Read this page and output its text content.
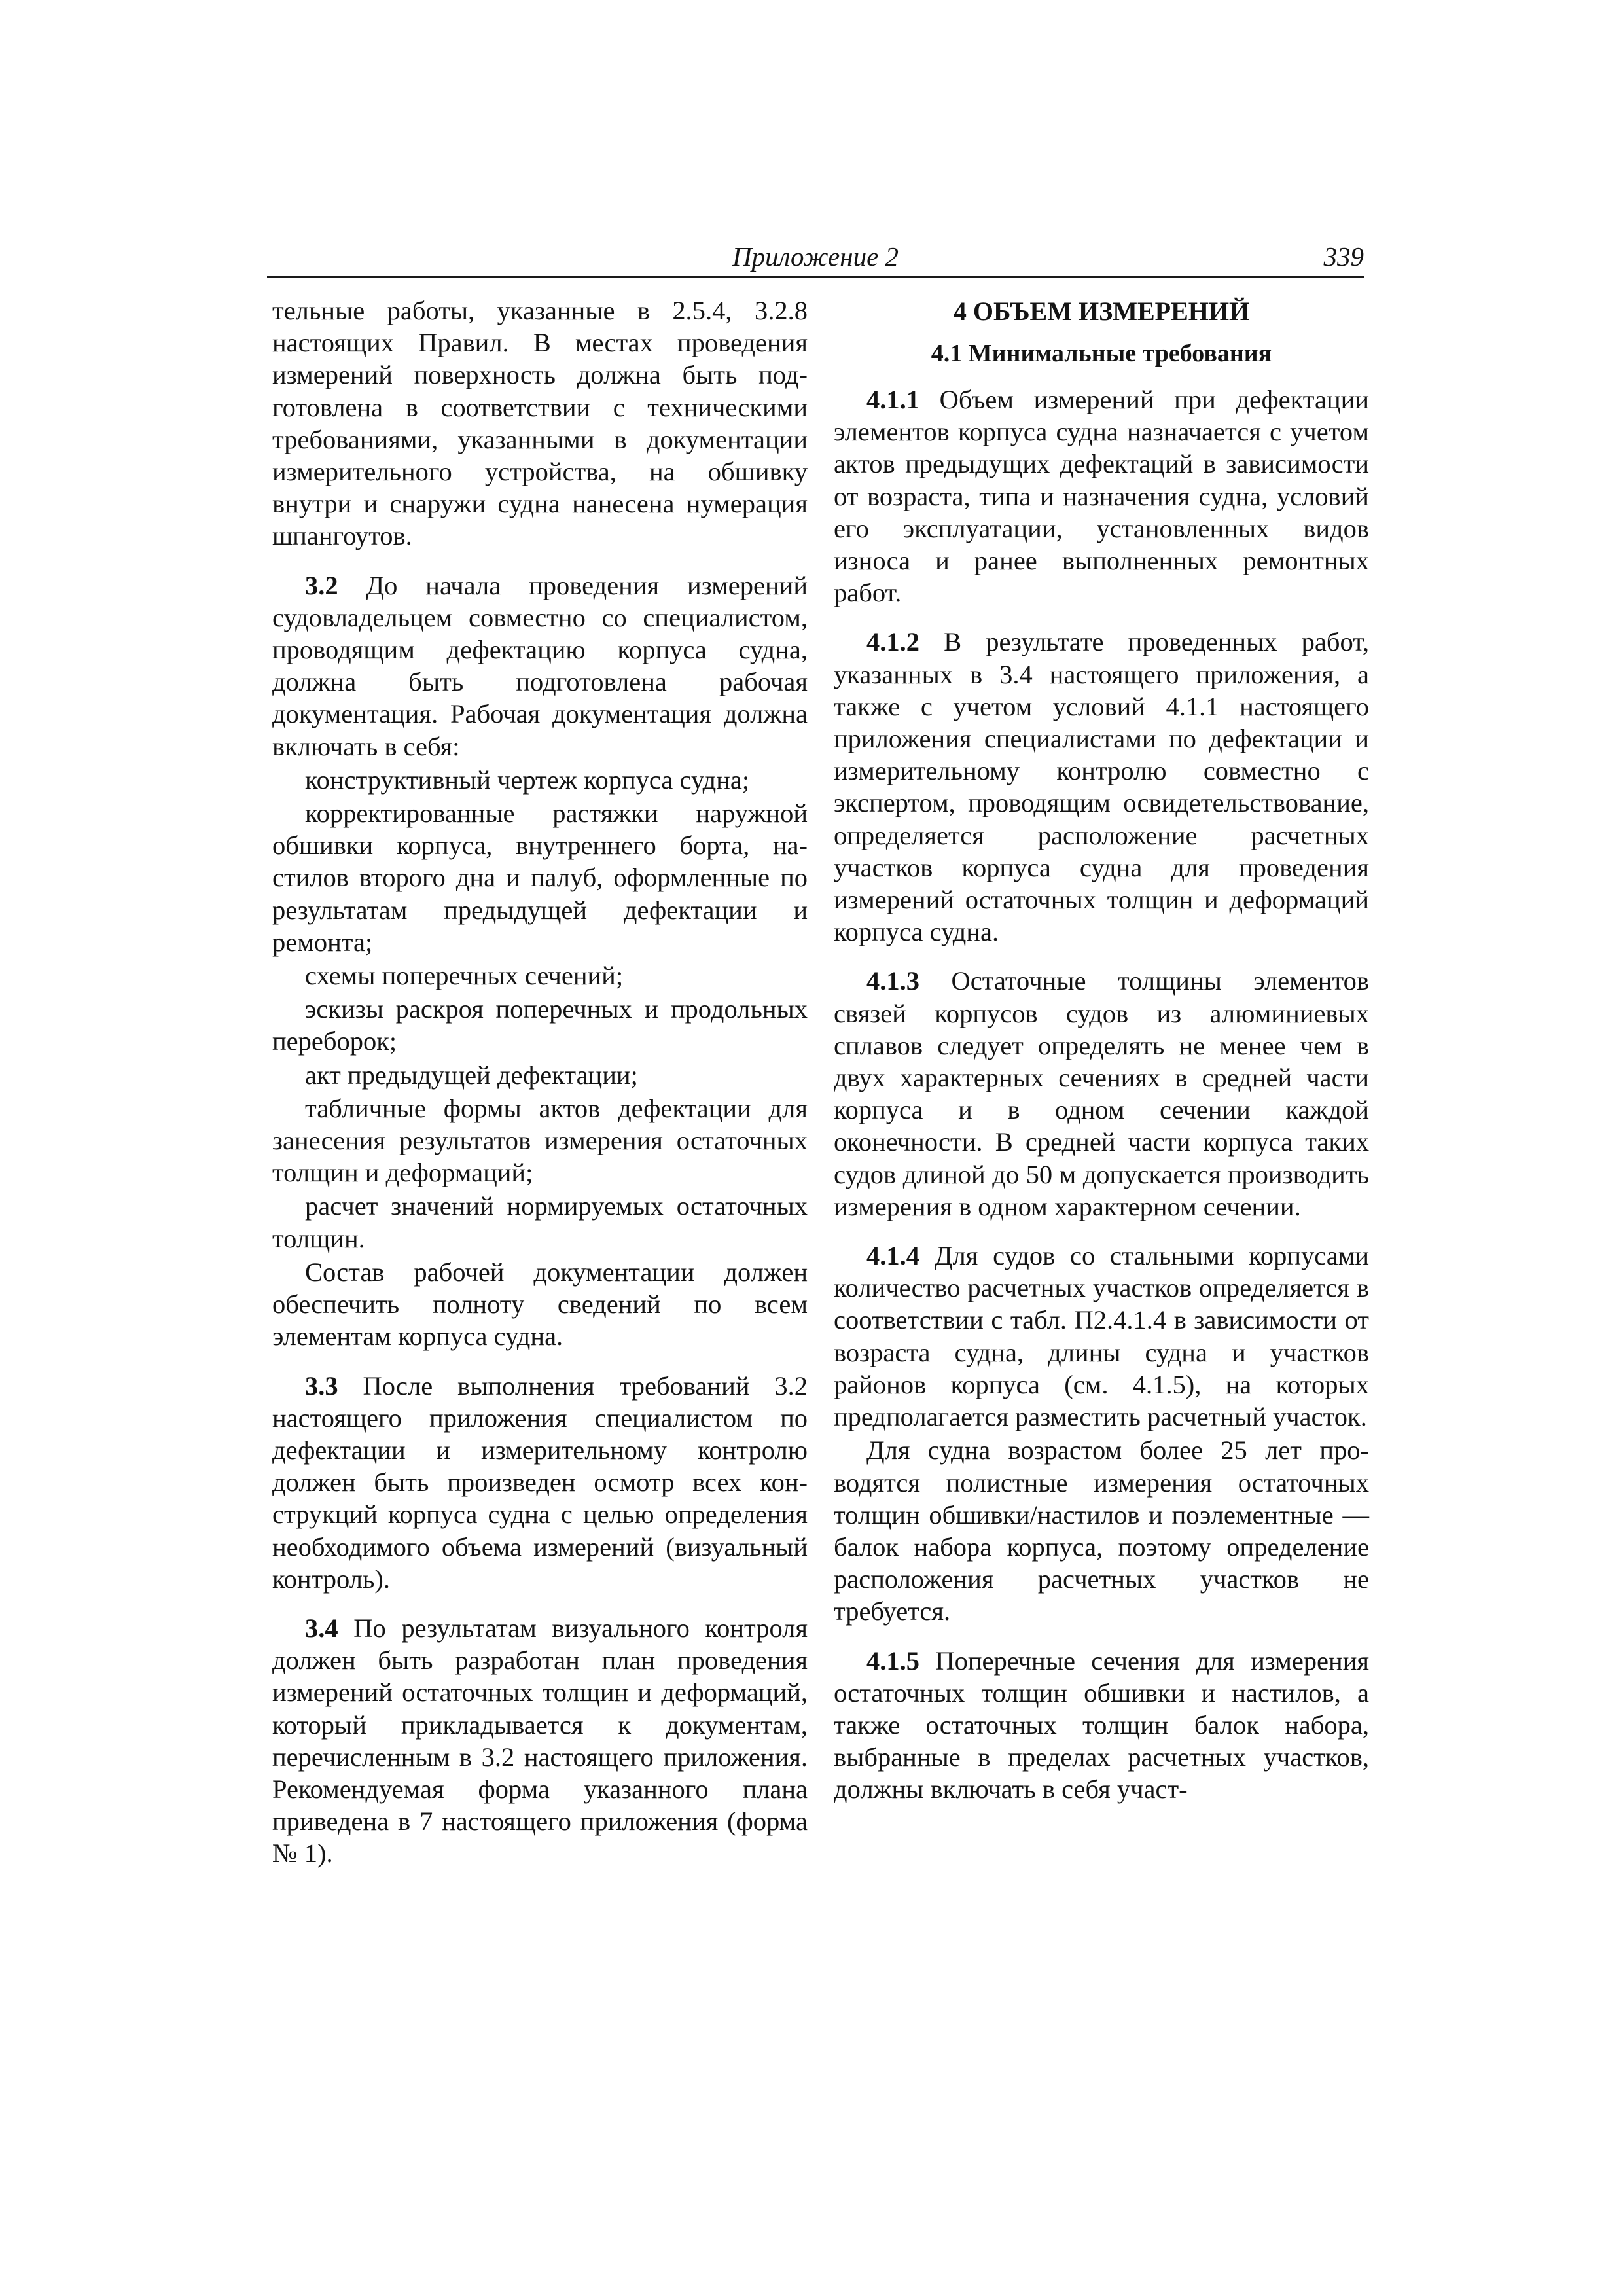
Приложение 2	339

тельные работы, указанные в 2.5.4, 3.2.8 настоящих Правил. В местах проведения измерений поверхность должна быть подготовлена в соответствии с техническими требованиями, указанными в документации измерительного устройства, на обшивку внутри и снаружи судна нанесена нумерация шпангоутов.

3.2 До начала проведения измерений судовладельцем совместно со специалистом, проводящим дефектацию корпуса судна, должна быть подготовлена рабочая документация. Рабочая документация должна включать в себя:

конструктивный чертеж корпуса судна;

корректированные растяжки наружной обшивки корпуса, внутреннего борта, настилов второго дна и палуб, оформленные по результатам предыдущей дефектации и ремонта;

схемы поперечных сечений;

эскизы раскроя поперечных и продольных переборок;

акт предыдущей дефектации;

табличные формы актов дефектации для занесения результатов измерения остаточных толщин и деформаций;

расчет значений нормируемых остаточных толщин.

Состав рабочей документации должен обеспечить полноту сведений по всем элементам корпуса судна.

3.3 После выполнения требований 3.2 настоящего приложения специалистом по дефектации и измерительному контролю должен быть произведен осмотр всех конструкций корпуса судна с целью определения необходимого объема измерений (визуальный контроль).

3.4 По результатам визуального контроля должен быть разработан план проведения измерений остаточных толщин и деформаций, который прикладывается к документам, перечисленным в 3.2 настоящего приложения. Рекомендуемая форма указанного плана приведена в 7 настоящего приложения (форма № 1).

4 ОБЪЕМ ИЗМЕРЕНИЙ
4.1 Минимальные требования

4.1.1 Объем измерений при дефектации элементов корпуса судна назначается с учетом актов предыдущих дефектаций в зависимости от возраста, типа и назначения судна, условий его эксплуатации, установленных видов износа и ранее выполненных ремонтных работ.

4.1.2 В результате проведенных работ, указанных в 3.4 настоящего приложения, а также с учетом условий 4.1.1 настоящего приложения специалистами по дефектации и измерительному контролю совместно с экспертом, проводящим освидетельствование, определяется расположение расчетных участков корпуса судна для проведения измерений остаточных толщин и деформаций корпуса судна.

4.1.3 Остаточные толщины элементов связей корпусов судов из алюминиевых сплавов следует определять не менее чем в двух характерных сечениях в средней части корпуса и в одном сечении каждой оконечности. В средней части корпуса таких судов длиной до 50 м допускается производить измерения в одном характерном сечении.

4.1.4 Для судов со стальными корпусами количество расчетных участков определяется в соответствии с табл. П2.4.1.4 в зависимости от возраста судна, длины судна и участков районов корпуса (см. 4.1.5), на которых предполагается разместить расчетный участок.

Для судна возрастом более 25 лет проводятся полистные измерения остаточных толщин обшивки/настилов и поэлементные — балок набора корпуса, поэтому определение расположения расчетных участков не требуется.

4.1.5 Поперечные сечения для измерения остаточных толщин обшивки и настилов, а также остаточных толщин балок набора, выбранные в пределах расчетных участков, должны включать в себя участ-
